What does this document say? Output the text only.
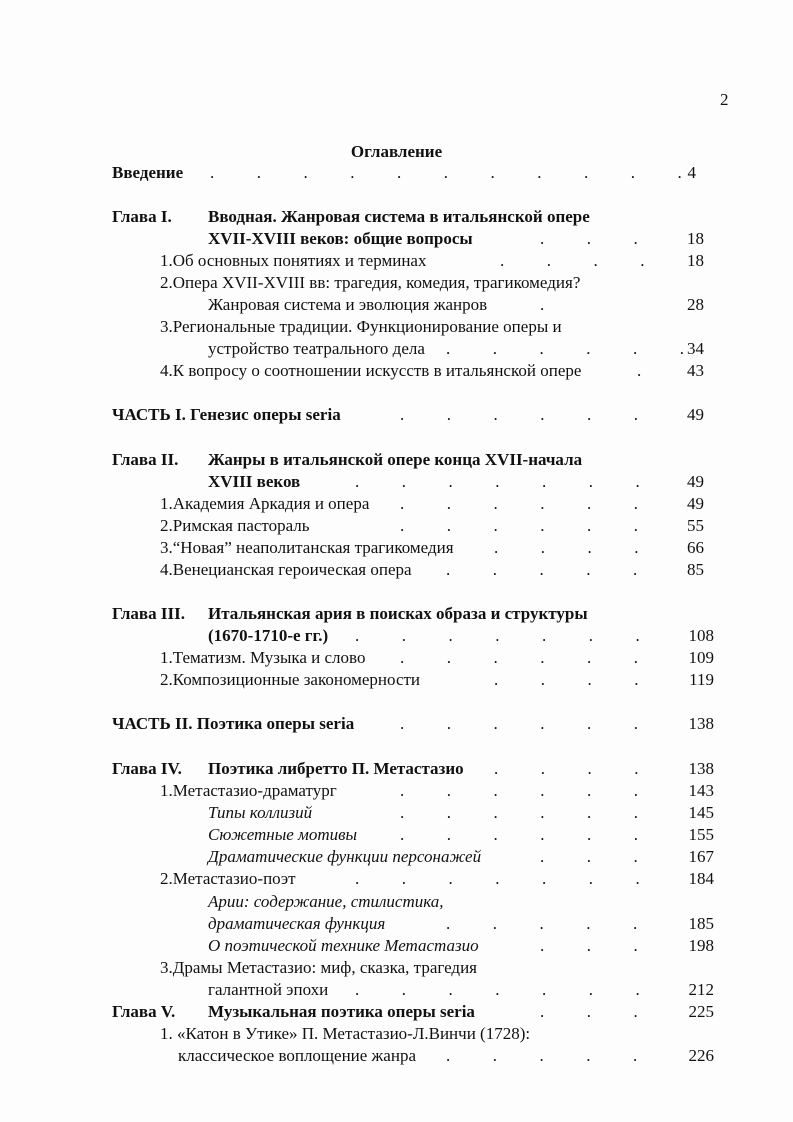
2
Оглавление
Введение .          .          .          .          .          .          .          .          .          .          . 4
Глава I. Вводная. Жанровая система в итальянской опере
XVII-XVIII веков: общие вопросы	.          .          .	18
1.Об основных понятиях и терминах	.          .          .          .	18
2.Опера XVII-XVIII вв: трагедия, комедия, трагикомедия?
Жанровая система и эволюция жанров	.	28
3.Региональные традиции. Функционирование оперы и
устройство театрального дела .          .          .          .          .          . 34
4.К вопросу о соотношении искусств в итальянской опере	.	43
ЧАСТЬ I. Генезис оперы seria	.          .          .          .          .          .	49
Глава II. Жанры в итальянской опере конца XVII-начала
XVIII веков	.          .          .          .          .          .          .	49
1.Академия Аркадия и опера .          .          .          .          .          .	49
2.Римская пастораль	.          .          .          .          .          .	55
3.“Новая” неаполитанская трагикомедия .          .          .          .	66
4.Венецианская героическая опера .          .          .          .          .	85
Глава III. Итальянская ария в поисках образа и структуры
(1670-1710-е гг.) .          .          .          .          .          .          .	108
1.Тематизм. Музыка и слово .          .          .          .          .          .	109
2.Композиционные закономерности	.          .          .          .	119
ЧАСТЬ II. Поэтика оперы seria	.          .          .          .          .          .	138
Глава IV. Поэтика либретто П. Метастазио .          .          .          .	138
1.Метастазио-драматург	.          .          .          .          .          .	143
Типы коллизий	.          .          .          .          .          .	145
Сюжетные мотивы	.          .          .          .          .          .	155
Драматические функции персонажей	.          .          .	167
2.Метастазио-поэт	.          .          .          .          .          .          .	184
Арии: содержание, стилистика,
драматическая функция	.          .          .          .          .	185
О поэтической технике Метастазио	.          .          .	198
3.Драмы Метастазио: миф, сказка, трагедия
галантной эпохи .          .          .          .          .          .          .	212
Глава V. Музыкальная поэтика оперы seria	.          .          .	225
1. «Катон в Утике» П. Метастазио-Л.Винчи (1728):
классическое воплощение жанра .          .          .          .          .	226
